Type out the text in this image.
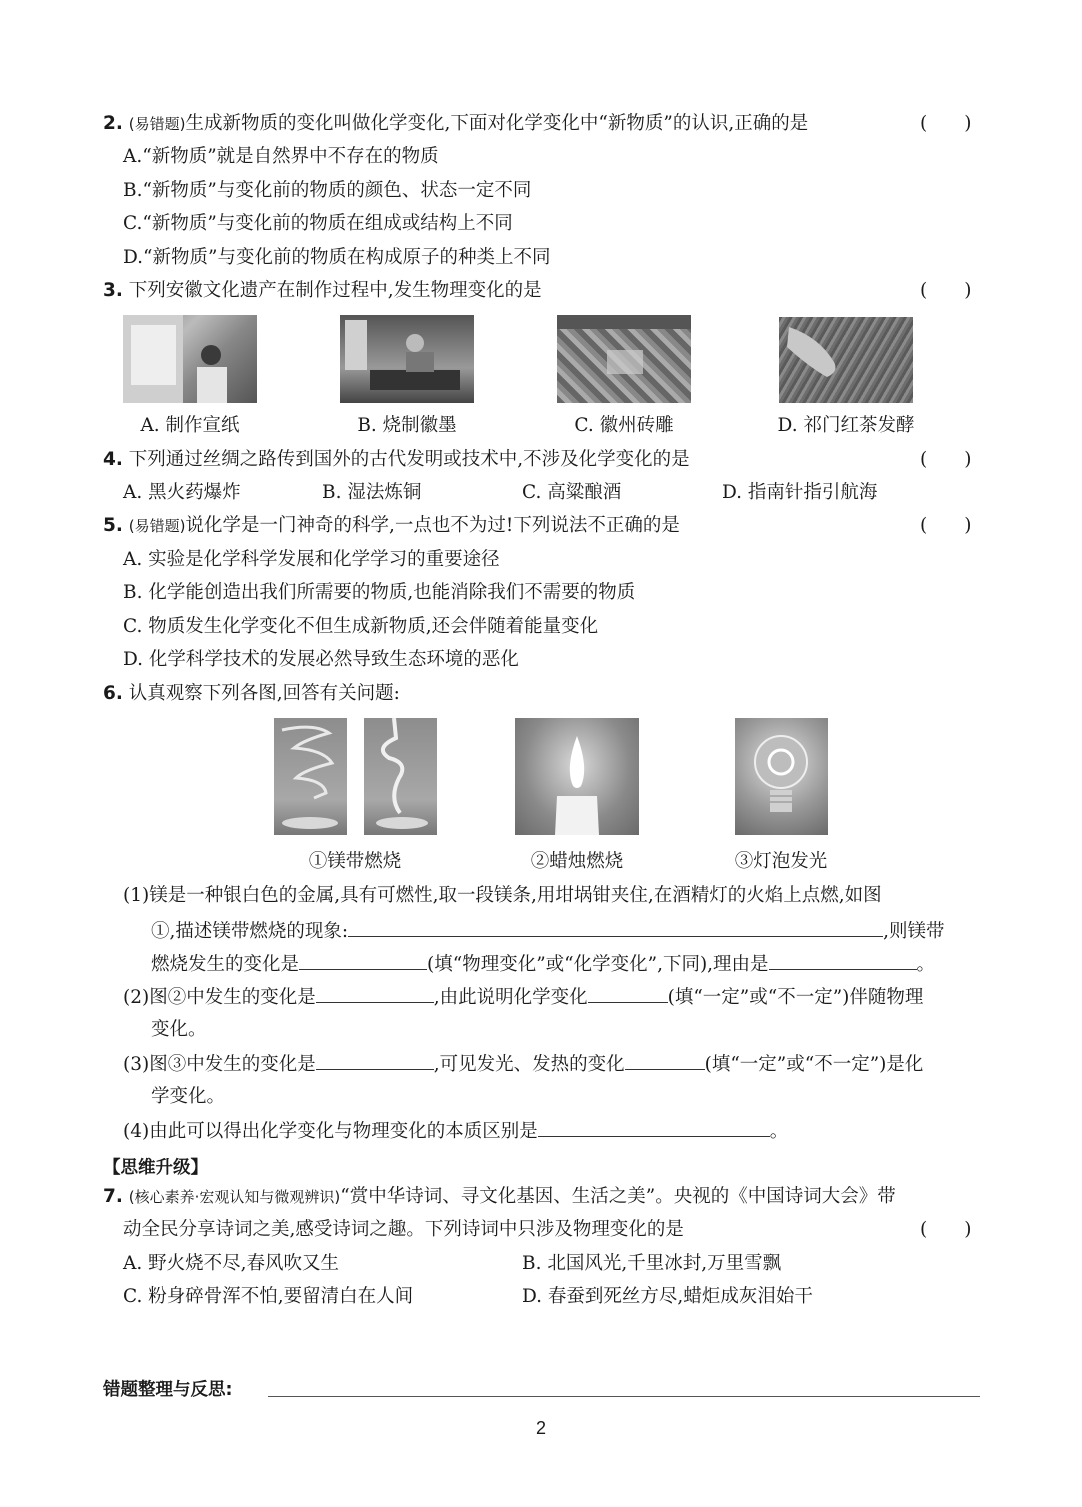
2. (易错题)生成新物质的变化叫做化学变化,下面对化学变化中“新物质”的认识,正确的是	(　　)
A.“新物质”就是自然界中不存在的物质
B.“新物质”与变化前的物质的颜色、状态一定不同
C.“新物质”与变化前的物质在组成或结构上不同
D.“新物质”与变化前的物质在构成原子的种类上不同
3. 下列安徽文化遗产在制作过程中,发生物理变化的是	(　　)
A. 制作宣纸	B. 烧制徽墨	C. 徽州砖雕	D. 祁门红茶发酵
4. 下列通过丝绸之路传到国外的古代发明或技术中,不涉及化学变化的是	(　　)
A. 黑火药爆炸	B. 湿法炼铜	C. 高粱酿酒	D. 指南针指引航海
5. (易错题)说化学是一门神奇的科学,一点也不为过!下列说法不正确的是	(　　)
A. 实验是化学科学发展和化学学习的重要途径
B. 化学能创造出我们所需要的物质,也能消除我们不需要的物质
C. 物质发生化学变化不但生成新物质,还会伴随着能量变化
D. 化学科学技术的发展必然导致生态环境的恶化
6. 认真观察下列各图,回答有关问题:
①镁带燃烧	②蜡烛燃烧	③灯泡发光
(1)镁是一种银白色的金属,具有可燃性,取一段镁条,用坩埚钳夹住,在酒精灯的火焰上点燃,如图
①,描述镁带燃烧的现象:	,则镁带
燃烧发生的变化是	(填“物理变化”或“化学变化”,下同),理由是	。
(2)图②中发生的变化是	,由此说明化学变化	(填“一定”或“不一定”)伴随物理
变化。
(3)图③中发生的变化是	,可见发光、发热的变化	(填“一定”或“不一定”)是化
学变化。
(4)由此可以得出化学变化与物理变化的本质区别是	。
【思维升级】
7. (核心素养·宏观认知与微观辨识)“赏中华诗词、寻文化基因、生活之美”。央视的《中国诗词大会》带
动全民分享诗词之美,感受诗词之趣。下列诗词中只涉及物理变化的是	(　　)
A. 野火烧不尽,春风吹又生	B. 北国风光,千里冰封,万里雪飘
C. 粉身碎骨浑不怕,要留清白在人间	D. 春蚕到死丝方尽,蜡炬成灰泪始干
错题整理与反思:
2
